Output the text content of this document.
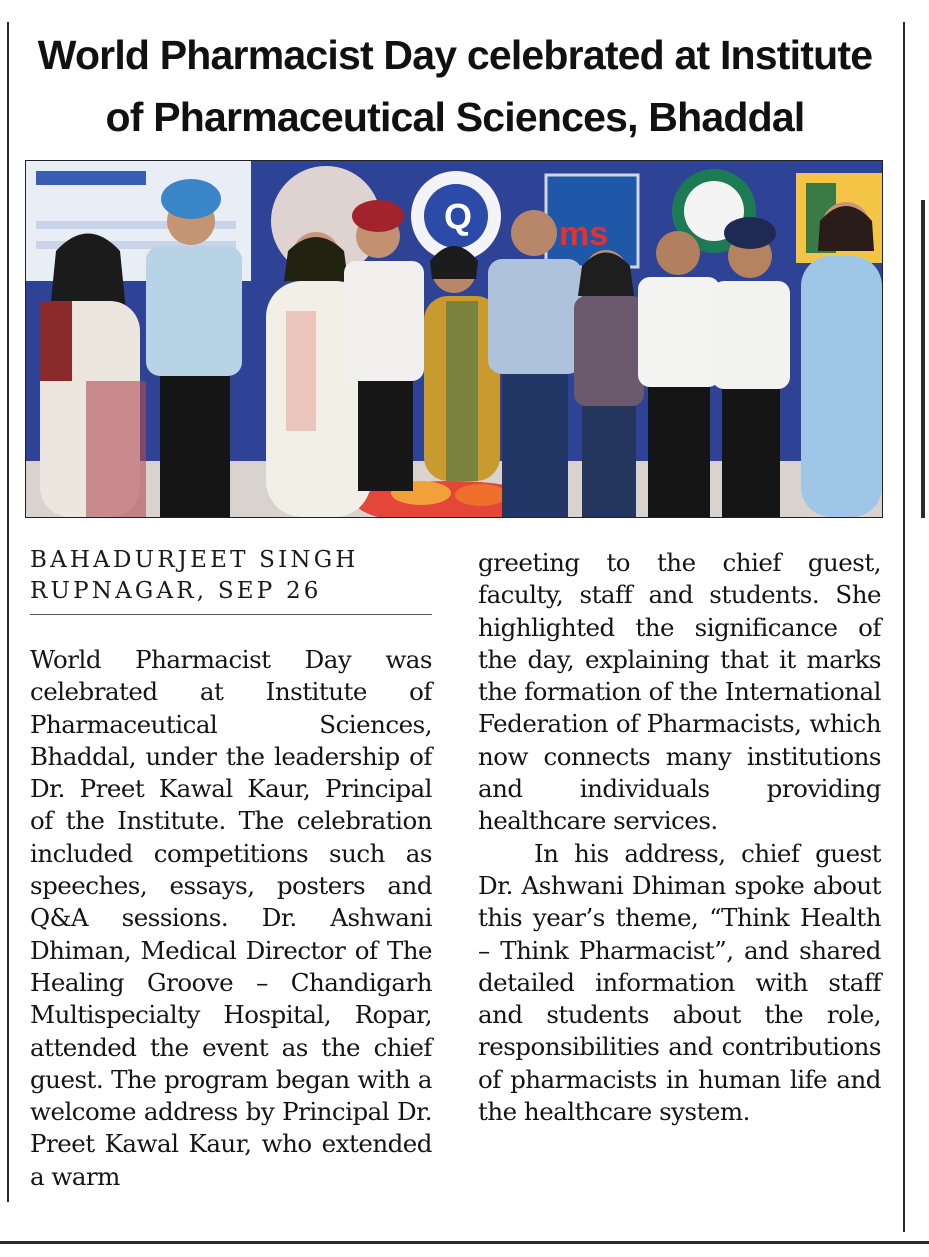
World Pharmacist Day celebrated at Institute
of Pharmaceutical Sciences, Bhaddal
Q	ms
BAHADURJEET SINGH
RUPNAGAR, SEP 26

World Pharmacist Day was celebrated at Institute of Pharmaceutical Sciences, Bhaddal, under the leadership of Dr. Preet Kawal Kaur, Principal of the Institute. The celebration included competitions such as speeches, essays, posters and Q&A sessions. Dr. Ashwani Dhiman, Medical Director of The Healing Groove – Chandigarh Multispecialty Hospital, Ropar, attended the event as the chief guest. The program began with a welcome address by Principal Dr. Preet Kawal Kaur, who extended a warm

greeting to the chief guest, faculty, staff and students. She highlighted the significance of the day, explaining that it marks the formation of the International Federation of Pharmacists, which now connects many institutions and individuals providing healthcare services.

In his address, chief guest Dr. Ashwani Dhiman spoke about this year’s theme, “Think Health – Think Pharmacist”, and shared detailed information with staff and students about the role, responsibilities and contributions of pharmacists in human life and the healthcare system.
